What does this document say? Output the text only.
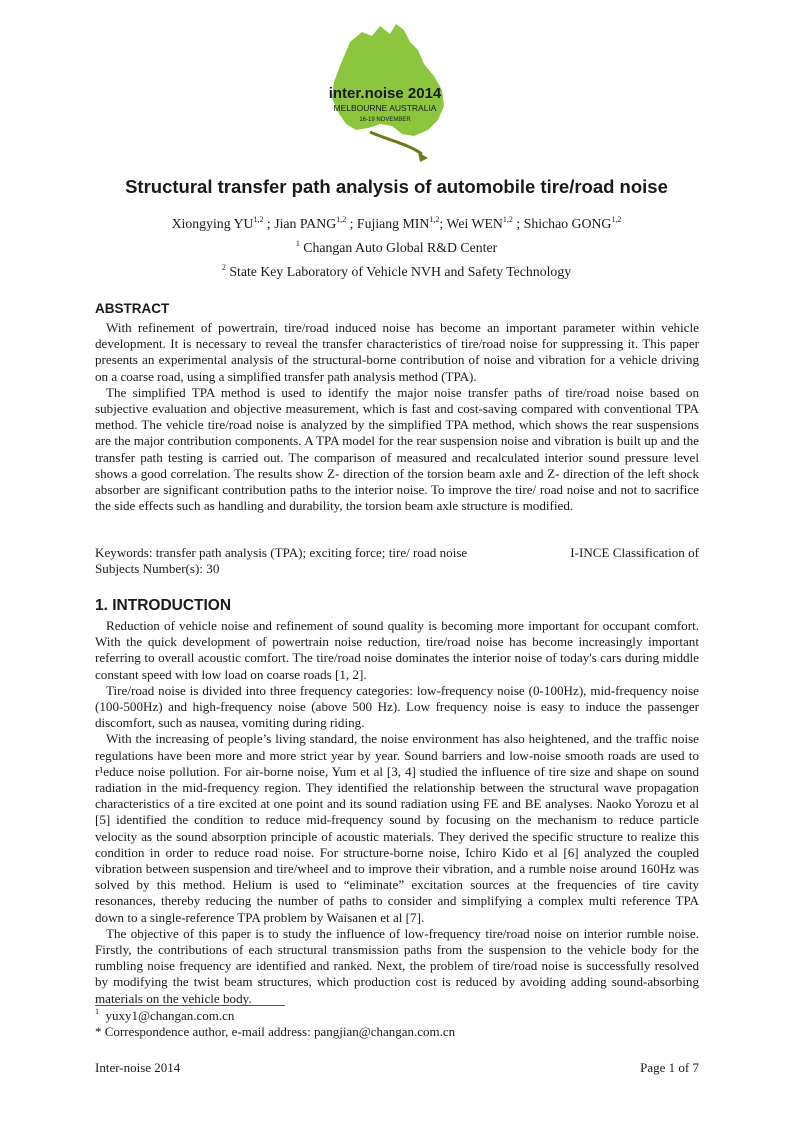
inter.noise 2014
MELBOURNE AUSTRALIA
16-19 NOVEMBER
Structural transfer path analysis of automobile tire/road noise
Xiongying YU$^{1,2}$ ; Jian PANG$^{1,2}$ ; Fujiang MIN$^{1,2}$; Wei WEN$^{1,2}$ ; Shichao GONG$^{1,2}$
$^1$ Changan Auto Global R&D Center
$^2$ State Key Laboratory of Vehicle NVH and Safety Technology
ABSTRACT

With refinement of powertrain, tire/road induced noise has become an important parameter within vehicle development. It is necessary to reveal the transfer characteristics of tire/road noise for suppressing it. This paper presents an experimental analysis of the structural-borne contribution of noise and vibration for a vehicle driving on a coarse road, using a simplified transfer path analysis method (TPA).

The simplified TPA method is used to identify the major noise transfer paths of tire/road noise based on subjective evaluation and objective measurement, which is fast and cost-saving compared with conventional TPA method. The vehicle tire/road noise is analyzed by the simplified TPA method, which shows the rear suspensions are the major contribution components. A TPA model for the rear suspension noise and vibration is built up and the transfer path testing is carried out. The comparison of measured and recalculated interior sound pressure level shows a good correlation. The results show Z- direction of the torsion beam axle and Z- direction of the left shock absorber are significant contribution paths to the interior noise. To improve the tire/ road noise and not to sacrifice the side effects such as handling and durability, the torsion beam axle structure is modified.

Keywords: transfer path analysis (TPA); exciting force; tire/ road noise	I-INCE Classification of
Subjects Number(s): 30
1. INTRODUCTION

Reduction of vehicle noise and refinement of sound quality is becoming more important for occupant comfort. With the quick development of powertrain noise reduction, tire/road noise has become increasingly important referring to overall acoustic comfort. The tire/road noise dominates the interior noise of today's cars during middle constant speed with low load on coarse roads [1, 2].

Tire/road noise is divided into three frequency categories: low-frequency noise (0-100Hz), mid-frequency noise (100-500Hz) and high-frequency noise (above 500 Hz). Low frequency noise is easy to induce the passenger discomfort, such as nausea, vomiting during riding.

With the increasing of people’s living standard, the noise environment has also heightened, and the traffic noise regulations have been more and more strict year by year. Sound barriers and low-noise smooth roads are used to r¹educe noise pollution. For air-borne noise, Yum et al [3, 4] studied the influence of tire size and shape on sound radiation in the mid-frequency region. They identified the relationship between the structural wave propagation characteristics of a tire excited at one point and its sound radiation using FE and BE analyses. Naoko Yorozu et al [5] identified the condition to reduce mid-frequency sound by focusing on the mechanism to reduce particle velocity as the sound absorption principle of acoustic materials. They derived the specific structure to realize this condition in order to reduce road noise. For structure-borne noise, Ichiro Kido et al [6] analyzed the coupled vibration between suspension and tire/wheel and to improve their vibration, and a rumble noise around 160Hz was solved by this method. Helium is used to “eliminate” excitation sources at the frequencies of tire cavity resonances, thereby reducing the number of paths to consider and simplifying a complex multi reference TPA down to a single-reference TPA problem by Waisanen et al [7].

The objective of this paper is to study the influence of low-frequency tire/road noise on interior rumble noise. Firstly, the contributions of each structural transmission paths from the suspension to the vehicle body for the rumbling noise frequency are identified and ranked. Next, the problem of tire/road noise is successfully resolved by modifying the twist beam structures, which production cost is reduced by avoiding adding sound-absorbing materials on the vehicle body.

$^1$ yuxy1@changan.com.cn
* Correspondence author, e-mail address: pangjian@changan.com.cn
Inter-noise 2014	Page 1 of 7
